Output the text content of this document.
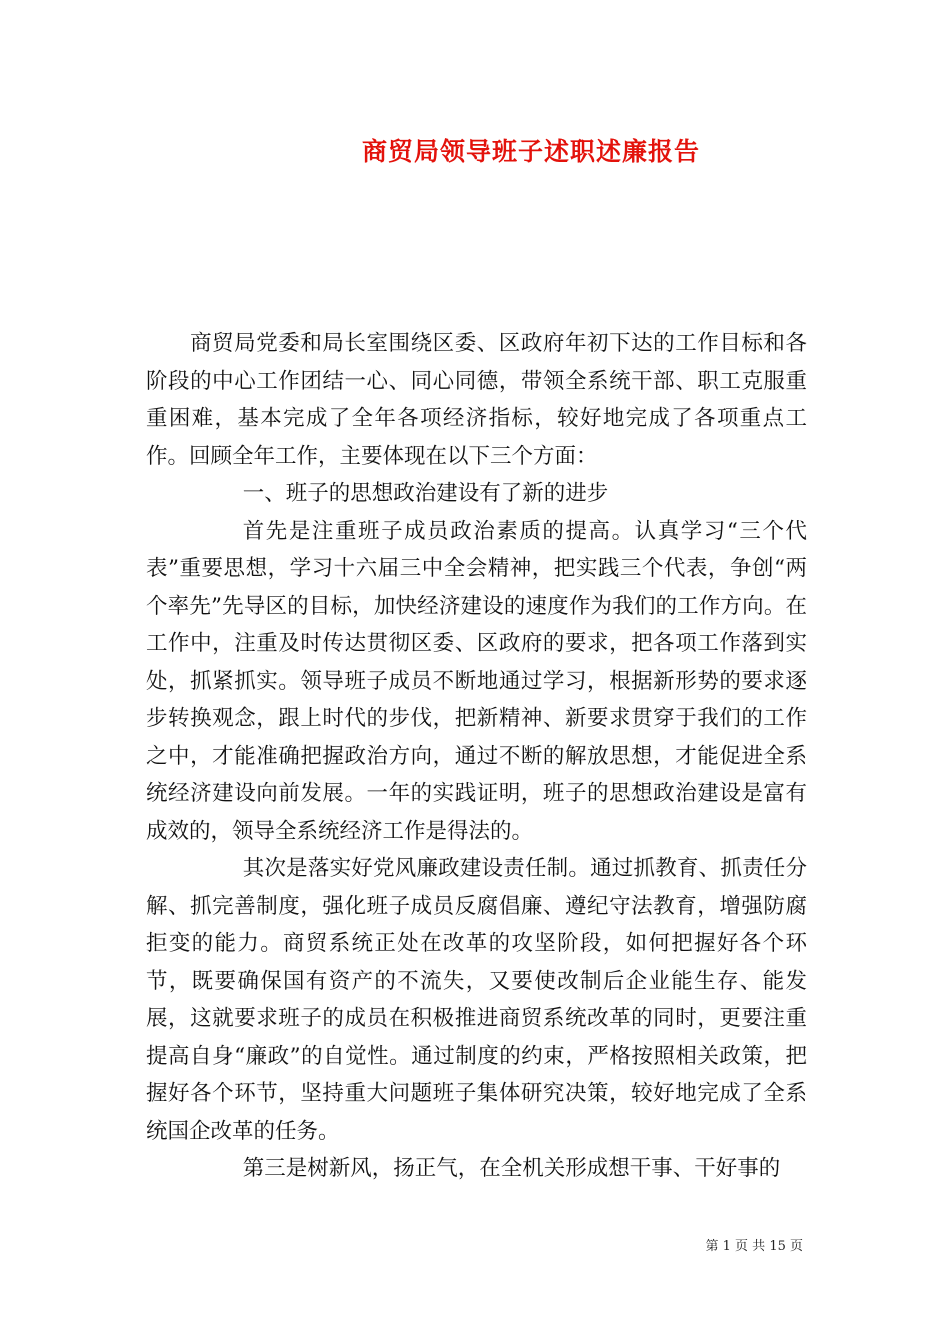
商贸局领导班子述职述廉报告

商贸局党委和局长室围绕区委、区政府年初下达的工作目标和各阶段的中心工作团结一心、同心同德，带领全系统干部、职工克服重重困难，基本完成了全年各项经济指标，较好地完成了各项重点工作。回顾全年工作，主要体现在以下三个方面：

一、班子的思想政治建设有了新的进步

首先是注重班子成员政治素质的提高。认真学习“三个代表”重要思想，学习十六届三中全会精神，把实践三个代表，争创“两个率先”先导区的目标，加快经济建设的速度作为我们的工作方向。在工作中，注重及时传达贯彻区委、区政府的要求，把各项工作落到实处，抓紧抓实。领导班子成员不断地通过学习，根据新形势的要求逐步转换观念，跟上时代的步伐，把新精神、新要求贯穿于我们的工作之中，才能准确把握政治方向，通过不断的解放思想，才能促进全系统经济建设向前发展。一年的实践证明，班子的思想政治建设是富有成效的，领导全系统经济工作是得法的。

其次是落实好党风廉政建设责任制。通过抓教育、抓责任分解、抓完善制度，强化班子成员反腐倡廉、遵纪守法教育，增强防腐拒变的能力。商贸系统正处在改革的攻坚阶段，如何把握好各个环节，既要确保国有资产的不流失，又要使改制后企业能生存、能发展，这就要求班子的成员在积极推进商贸系统改革的同时，更要注重提高自身“廉政”的自觉性。通过制度的约束，严格按照相关政策，把握好各个环节，坚持重大问题班子集体研究决策，较好地完成了全系统国企改革的任务。

第三是树新风，扬正气，在全机关形成想干事、干好事的

第 1 页 共 15 页
